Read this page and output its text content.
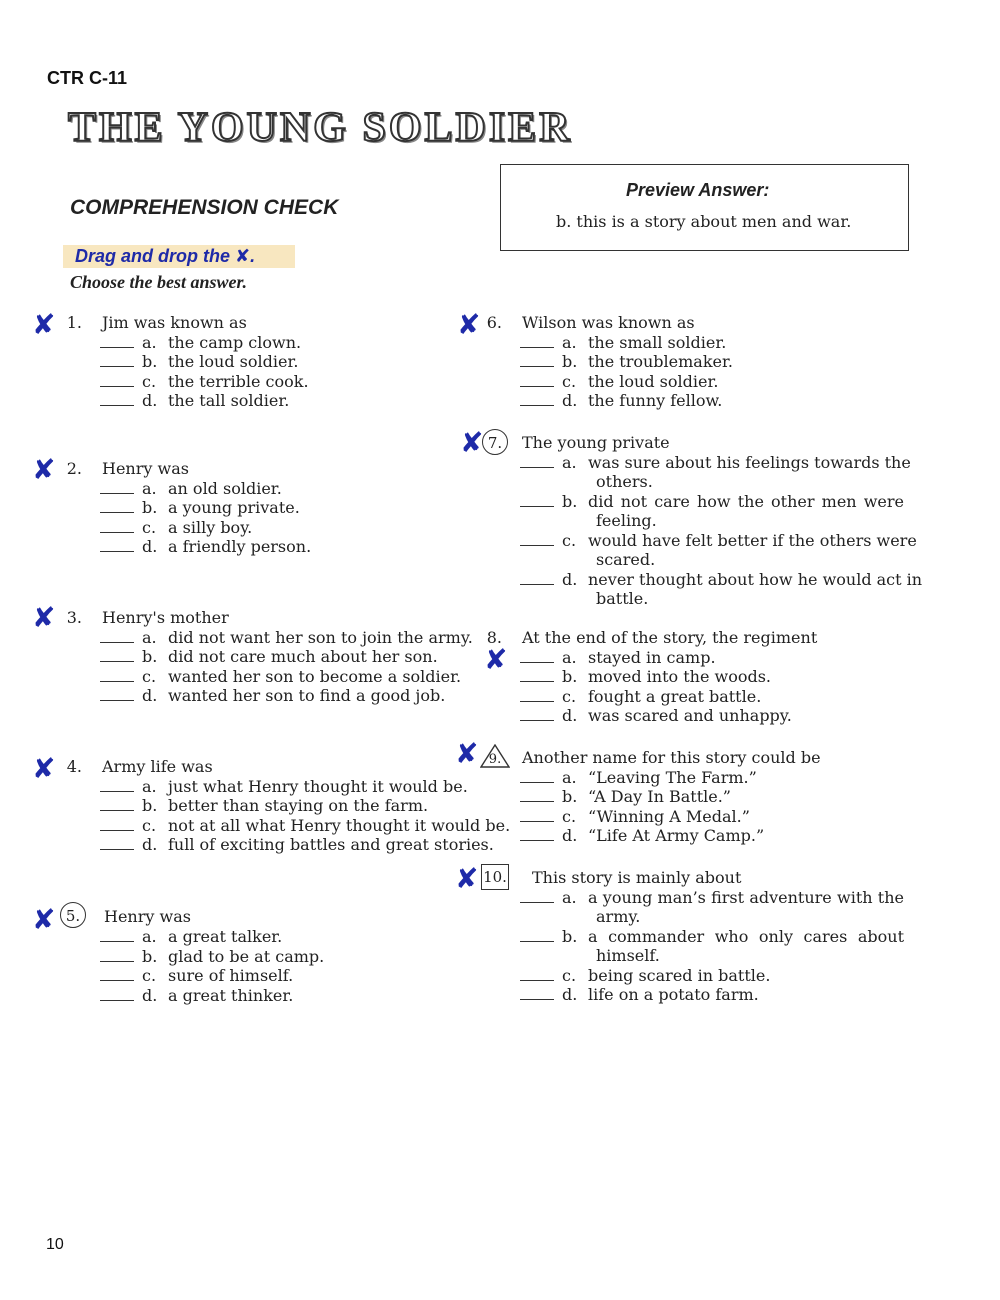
CTR C-11
THE YOUNG SOLDIER
COMPREHENSION CHECK
Drag and drop the ✘.
Choose the best answer.
Preview Answer:
b. this is a story about men and war.
✘
✘
✘
✘
✘
✘
✘
✘
✘
✘
1. Jim was known as
a. the camp clown.
b. the loud soldier.
c. the terrible cook.
d. the tall soldier.
2. Henry was
a. an old soldier.
b. a young private.
c. a silly boy.
d. a friendly person.
3. Henry's mother
a. did not want her son to join the army.
b. did not care much about her son.
c. wanted her son to become a soldier.
d. wanted her son to find a good job.
4. Army life was
a. just what Henry thought it would be.
b. better than staying on the farm.
c. not at all what Henry thought it would be.
d. full of exciting battles and great stories.
5.	Henry was
a. a great talker.
b. glad to be at camp.
c. sure of himself.
d. a great thinker.
6. Wilson was known as
a. the small soldier.
b. the troublemaker.
c. the loud soldier.
d. the funny fellow.
7.	The young private
a. was sure about his feelings towards the
others.
b. did not care how the other men were
feeling.
c. would have felt better if the others were
scared.
d. never thought about how he would act in
battle.
8. At the end of the story, the regiment
a. stayed in camp.
b. moved into the woods.
c. fought a great battle.
d. was scared and unhappy.
9.	Another name for this story could be
a. “Leaving The Farm.”
b. “A Day In Battle.”
c. “Winning A Medal.”
d. “Life At Army Camp.”
10. This story is mainly about
a. a young man’s first adventure with the
army.
b. a commander who only cares about
himself.
c. being scared in battle.
d. life on a potato farm.
10
